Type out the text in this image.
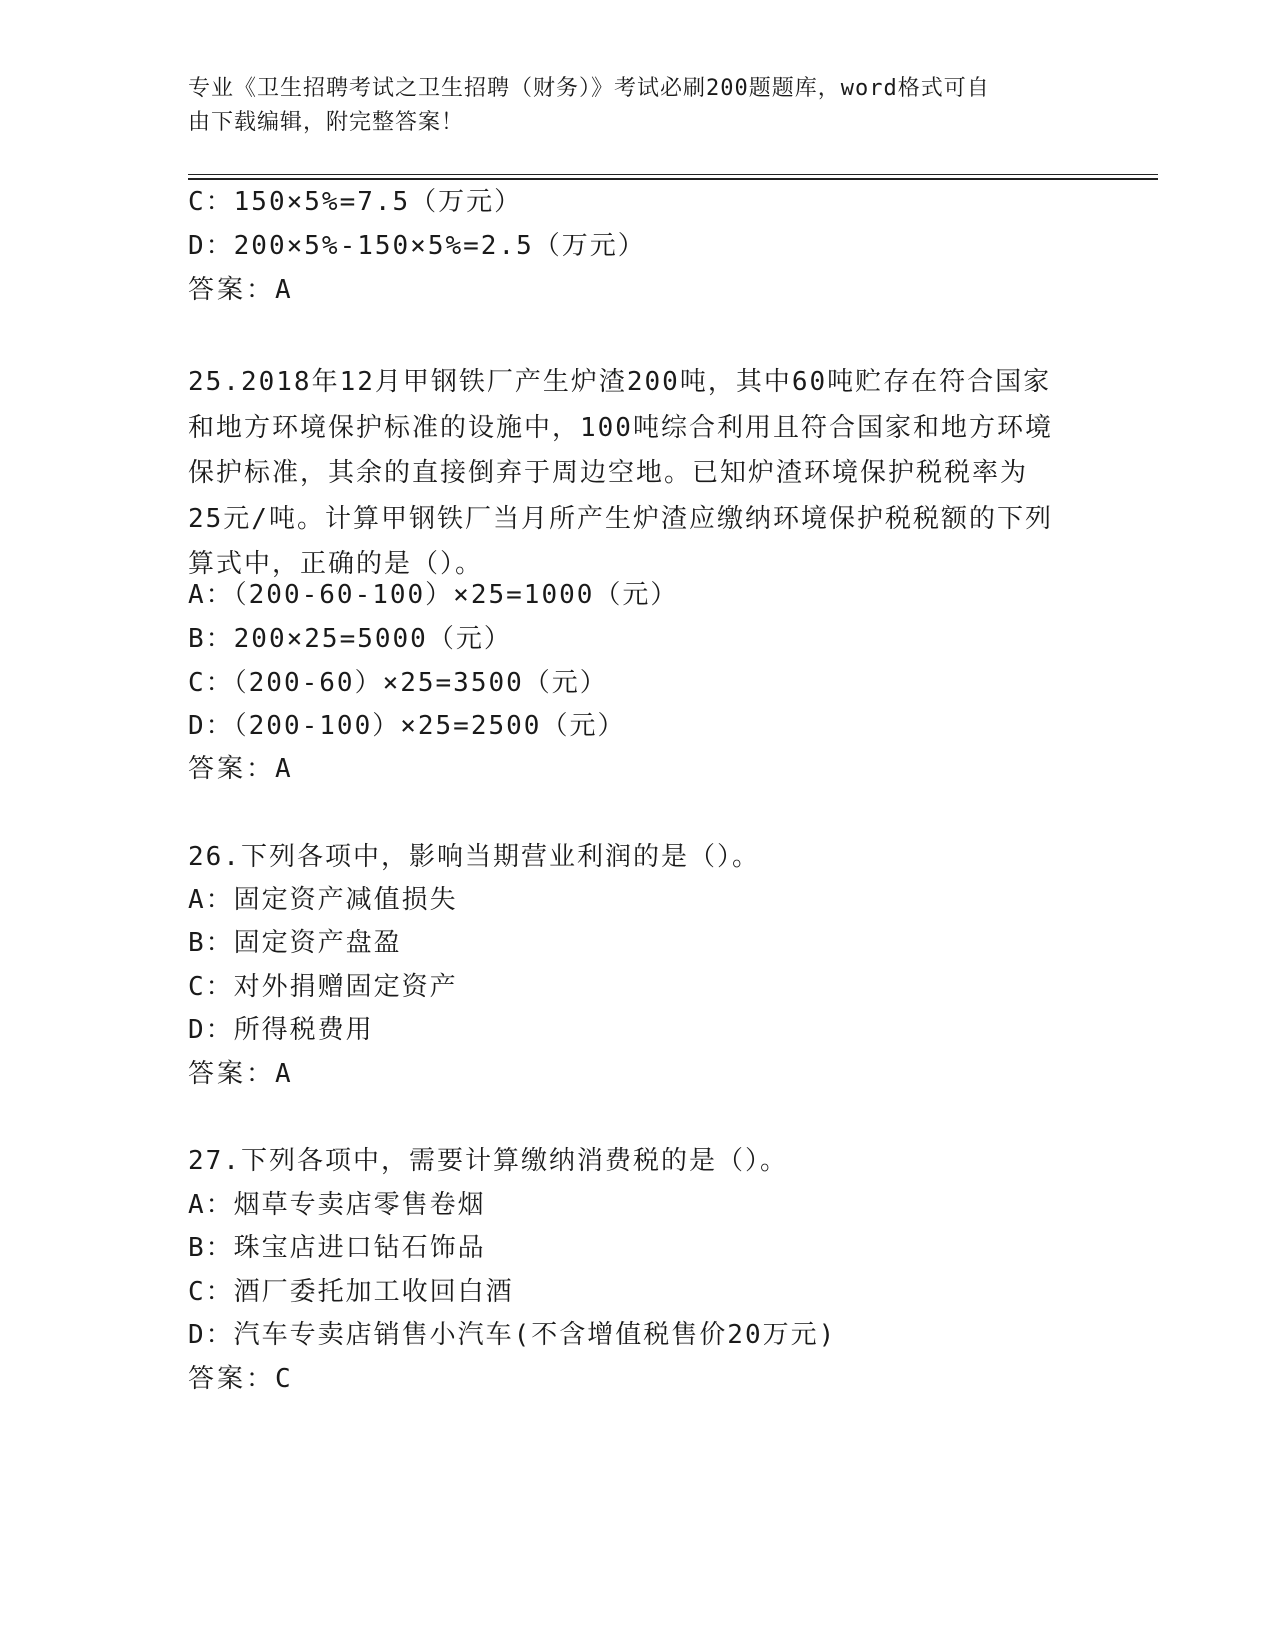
专业《卫生招聘考试之卫生招聘（财务）》考试必刷200题题库，word格式可自
由下载编辑，附完整答案！
C：150×5%=7.5（万元）
D：200×5%-150×5%=2.5（万元）
答案：A
25.2018年12月甲钢铁厂产生炉渣200吨，其中60吨贮存在符合国家
和地方环境保护标准的设施中，100吨综合利用且符合国家和地方环境
保护标准，其余的直接倒弃于周边空地。已知炉渣环境保护税税率为
25元/吨。计算甲钢铁厂当月所产生炉渣应缴纳环境保护税税额的下列
算式中，正确的是（）。
A：（200-60-100）×25=1000（元）
B：200×25=5000（元）
C：（200-60）×25=3500（元）
D：（200-100）×25=2500（元）
答案：A
26.下列各项中，影响当期营业利润的是（）。
A：固定资产减值损失
B：固定资产盘盈
C：对外捐赠固定资产
D：所得税费用
答案：A
27.下列各项中，需要计算缴纳消费税的是（）。
A：烟草专卖店零售卷烟
B：珠宝店进口钻石饰品
C：酒厂委托加工收回白酒
D：汽车专卖店销售小汽车(不含增值税售价20万元)
答案：C
